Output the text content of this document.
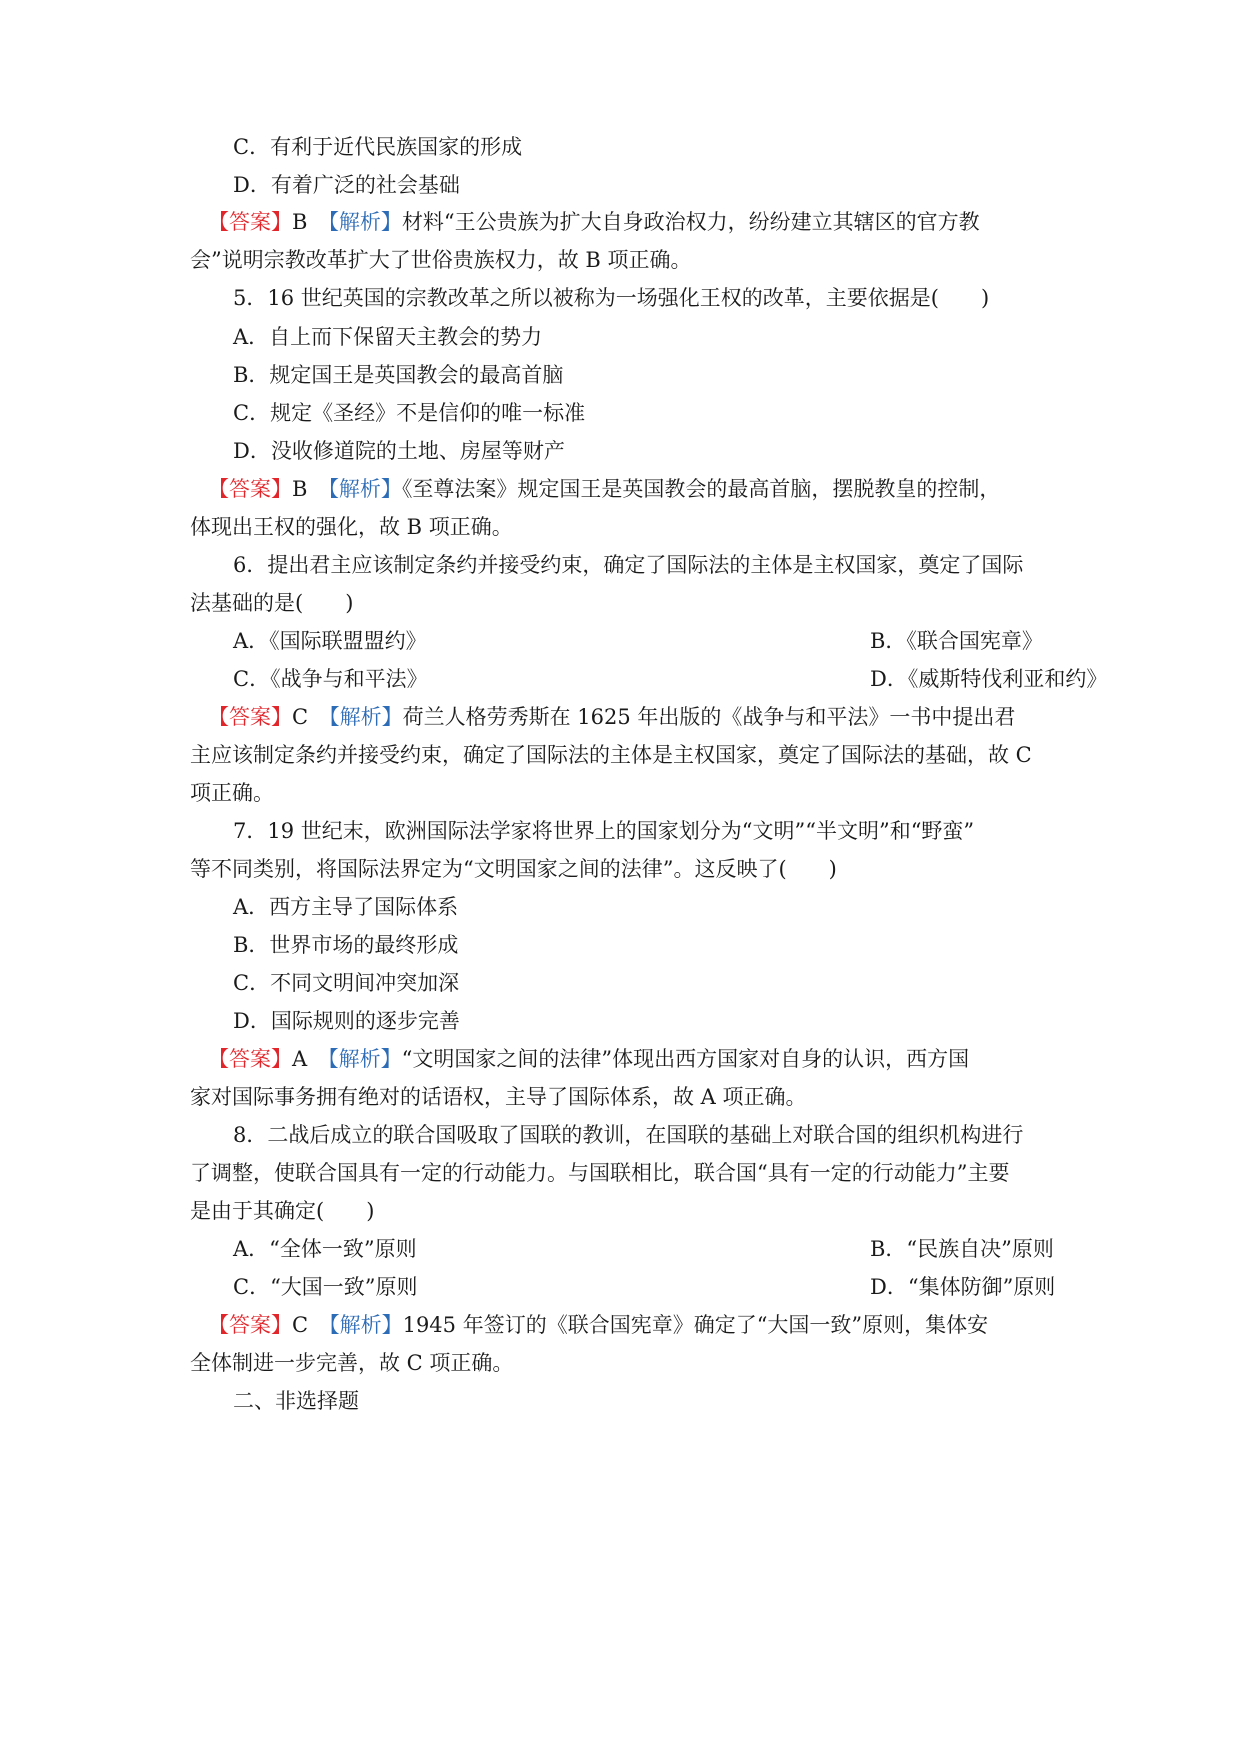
C．有利于近代民族国家的形成
D．有着广泛的社会基础
【答案】B　 【解析】材料“王公贵族为扩大自身政治权力，纷纷建立其辖区的官方教
会”说明宗教改革扩大了世俗贵族权力，故 B 项正确。
5．16 世纪英国的宗教改革之所以被称为一场强化王权的改革，主要依据是(　　)
A．自上而下保留天主教会的势力
B．规定国王是英国教会的最高首脑
C．规定《圣经》不是信仰的唯一标准
D．没收修道院的土地、房屋等财产
【答案】B　 【解析】《至尊法案》规定国王是英国教会的最高首脑，摆脱教皇的控制，
体现出王权的强化，故 B 项正确。
6．提出君主应该制定条约并接受约束，确定了国际法的主体是主权国家，奠定了国际
法基础的是(　　)
A．《国际联盟盟约》	B．《联合国宪章》
C．《战争与和平法》	D．《威斯特伐利亚和约》
【答案】C　 【解析】荷兰人格劳秀斯在 1625 年出版的《战争与和平法》一书中提出君
主应该制定条约并接受约束，确定了国际法的主体是主权国家，奠定了国际法的基础，故 C
项正确。
7．19 世纪末，欧洲国际法学家将世界上的国家划分为“文明”“半文明”和“野蛮”
等不同类别，将国际法界定为“文明国家之间的法律”。这反映了(　　)
A．西方主导了国际体系
B．世界市场的最终形成
C．不同文明间冲突加深
D．国际规则的逐步完善
【答案】A　 【解析】“文明国家之间的法律”体现出西方国家对自身的认识，西方国
家对国际事务拥有绝对的话语权，主导了国际体系，故 A 项正确。
8．二战后成立的联合国吸取了国联的教训，在国联的基础上对联合国的组织机构进行
了调整，使联合国具有一定的行动能力。与国联相比，联合国“具有一定的行动能力”主要
是由于其确定(　　)
A．“全体一致”原则	B．“民族自决”原则
C．“大国一致”原则	D．“集体防御”原则
【答案】C　 【解析】1945 年签订的《联合国宪章》确定了“大国一致”原则，集体安
全体制进一步完善，故 C 项正确。
二、非选择题
